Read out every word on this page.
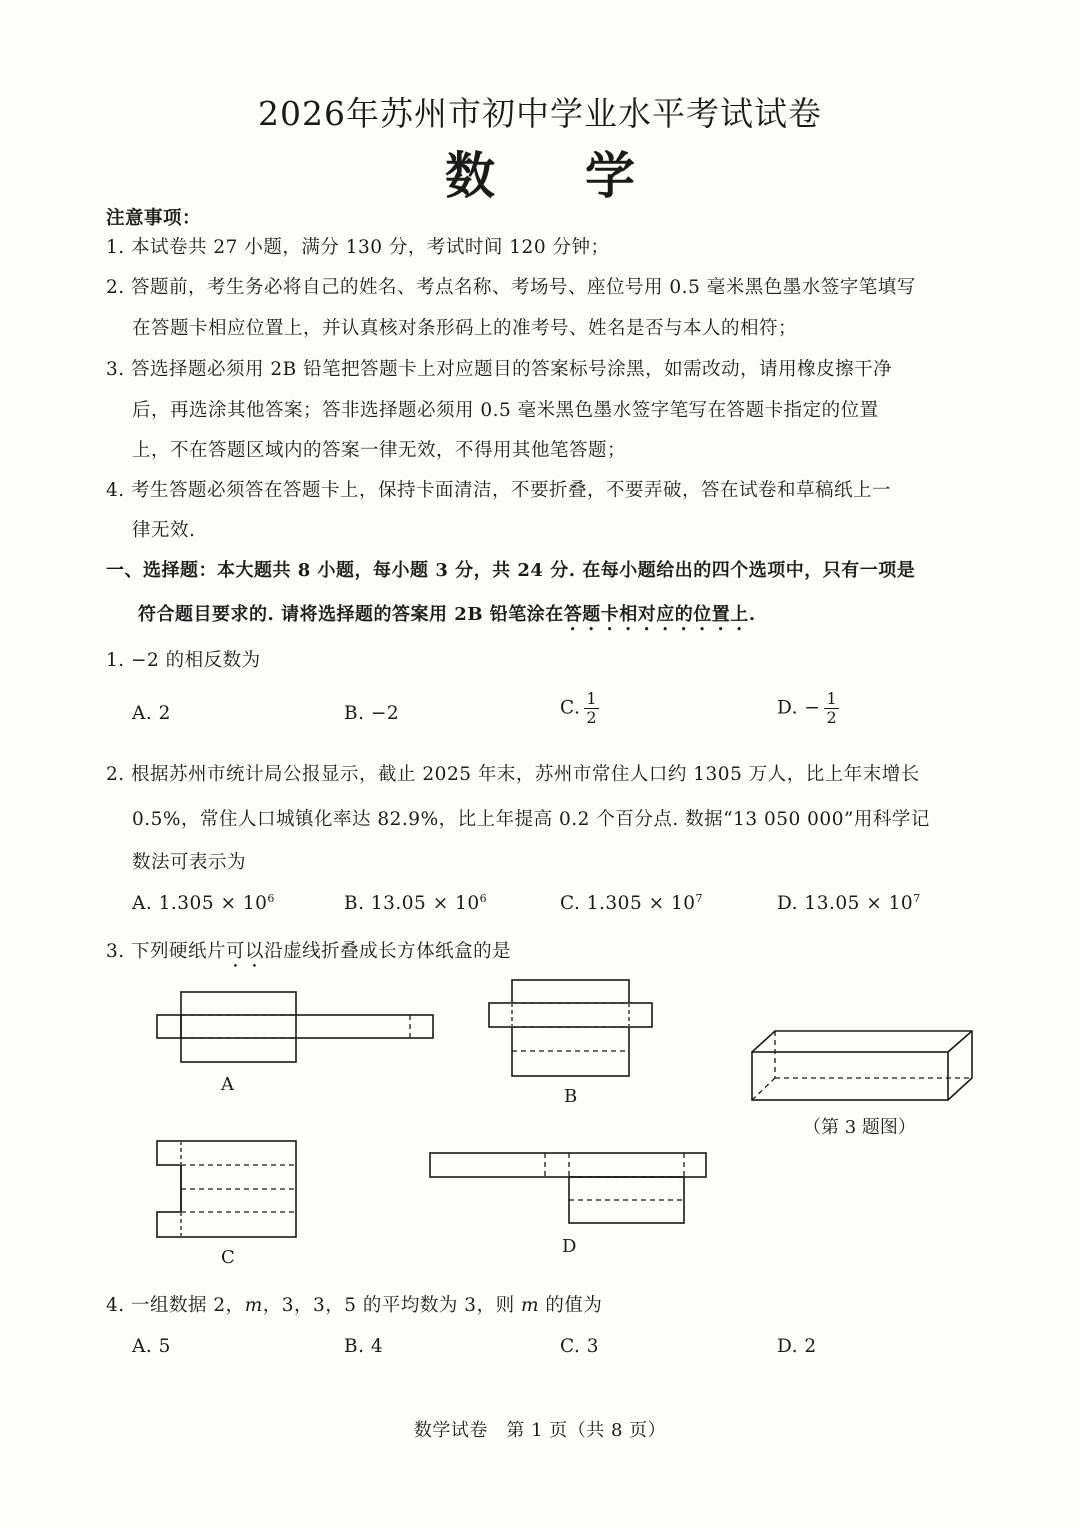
2026年苏州市初中学业水平考试试卷
数学
注意事项：
1. 本试卷共 27 小题，满分 130 分，考试时间 120 分钟；
2. 答题前，考生务必将自己的姓名、考点名称、考场号、座位号用 0.5 毫米黑色墨水签字笔填写
在答题卡相应位置上，并认真核对条形码上的准考号、姓名是否与本人的相符；
3. 答选择题必须用 2B 铅笔把答题卡上对应题目的答案标号涂黑，如需改动，请用橡皮擦干净
后，再选涂其他答案；答非选择题必须用 0.5 毫米黑色墨水签字笔写在答题卡指定的位置
上，不在答题区域内的答案一律无效，不得用其他笔答题；
4. 考生答题必须答在答题卡上，保持卡面清洁，不要折叠，不要弄破，答在试卷和草稿纸上一
律无效.
一、选择题：本大题共 8 小题，每小题 3 分，共 24 分. 在每小题给出的四个选项中，只有一项是
符合题目要求的. 请将选择题的答案用 2B 铅笔涂在答题卡相对应的位置上.
1. −2 的相反数为
A. 2	B. −2	C. $\frac{1}{2}$	D. − $\frac{1}{2}$
2. 根据苏州市统计局公报显示，截止 2025 年末，苏州市常住人口约 1305 万人，比上年末增长
0.5%，常住人口城镇化率达 82.9%，比上年提高 0.2 个百分点. 数据“13 050 000”用科学记
数法可表示为
A. $1.305 \times 10^6$	B. $13.05 \times 10^6$	C. $1.305 \times 10^7$	D. $13.05 \times 10^7$
3. 下列硬纸片可以沿虚线折叠成长方体纸盒的是
A
B
C
D
（第 3 题图）
4. 一组数据 2，m，3，3，5 的平均数为 3，则 m 的值为
A. 5	B. 4	C. 3	D. 2
数学试卷　第 1 页（共 8 页）
